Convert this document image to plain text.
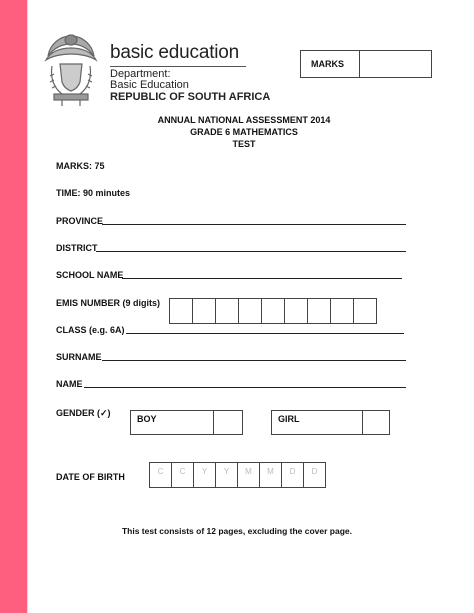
basic education
Department:
Basic Education
REPUBLIC OF SOUTH AFRICA
MARKS
ANNUAL NATIONAL ASSESSMENT 2014
GRADE 6 MATHEMATICS
TEST
MARKS: 75
TIME: 90 minutes
PROVINCE
DISTRICT
SCHOOL NAME
EMIS NUMBER (9 digits)
CLASS (e.g. 6A)
SURNAME
NAME
GENDER (✓)
BOY	GIRL
DATE OF BIRTH
C	C	Y	Y	M	M	D	D
This test consists of 12 pages, excluding the cover page.
